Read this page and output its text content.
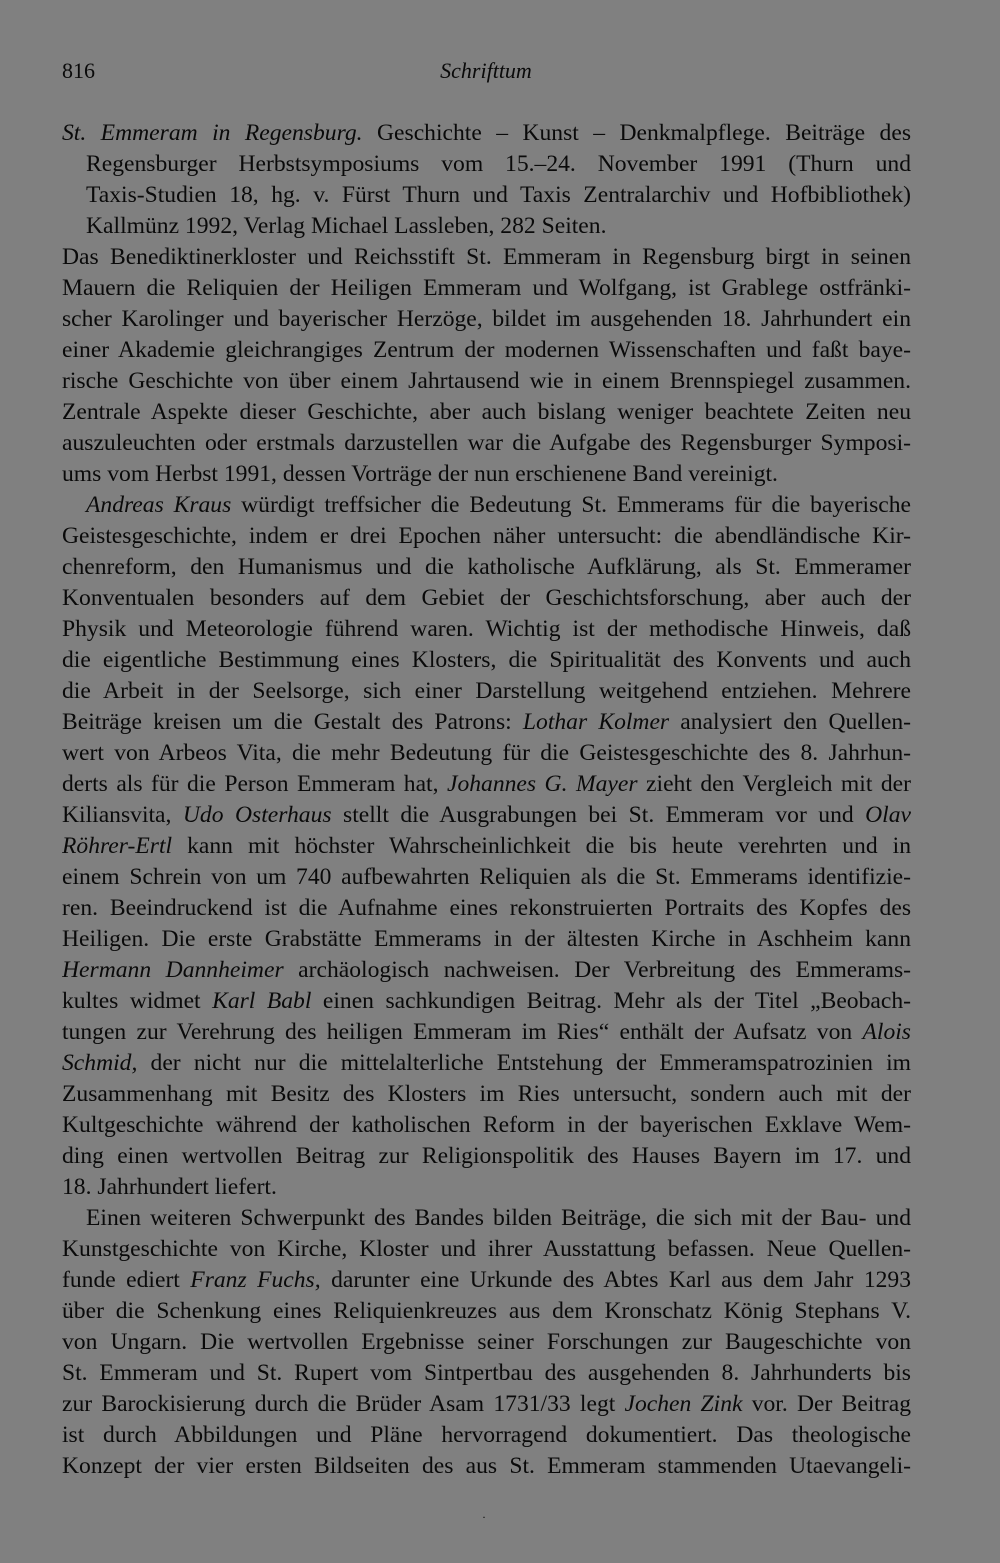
816	Schrifttum
St. Emmeram in Regensburg. Geschichte – Kunst – Denkmalpflege. Beiträge des
Regensburger Herbstsymposiums vom 15.–24. November 1991 (Thurn und
Taxis-Studien 18, hg. v. Fürst Thurn und Taxis Zentralarchiv und Hofbibliothek)
Kallmünz 1992, Verlag Michael Lassleben, 282 Seiten.
Das Benediktinerkloster und Reichsstift St. Emmeram in Regensburg birgt in seinen
Mauern die Reliquien der Heiligen Emmeram und Wolfgang, ist Grablege ostfränki-
scher Karolinger und bayerischer Herzöge, bildet im ausgehenden 18. Jahrhundert ein
einer Akademie gleichrangiges Zentrum der modernen Wissenschaften und faßt baye-
rische Geschichte von über einem Jahrtausend wie in einem Brennspiegel zusammen.
Zentrale Aspekte dieser Geschichte, aber auch bislang weniger beachtete Zeiten neu
auszuleuchten oder erstmals darzustellen war die Aufgabe des Regensburger Symposi-
ums vom Herbst 1991, dessen Vorträge der nun erschienene Band vereinigt.
Andreas Kraus würdigt treffsicher die Bedeutung St. Emmerams für die bayerische
Geistesgeschichte, indem er drei Epochen näher untersucht: die abendländische Kir-
chenreform, den Humanismus und die katholische Aufklärung, als St. Emmeramer
Konventualen besonders auf dem Gebiet der Geschichtsforschung, aber auch der
Physik und Meteorologie führend waren. Wichtig ist der methodische Hinweis, daß
die eigentliche Bestimmung eines Klosters, die Spiritualität des Konvents und auch
die Arbeit in der Seelsorge, sich einer Darstellung weitgehend entziehen. Mehrere
Beiträge kreisen um die Gestalt des Patrons: Lothar Kolmer analysiert den Quellen-
wert von Arbeos Vita, die mehr Bedeutung für die Geistesgeschichte des 8. Jahrhun-
derts als für die Person Emmeram hat, Johannes G. Mayer zieht den Vergleich mit der
Kiliansvita, Udo Osterhaus stellt die Ausgrabungen bei St. Emmeram vor und Olav
Röhrer-Ertl kann mit höchster Wahrscheinlichkeit die bis heute verehrten und in
einem Schrein von um 740 aufbewahrten Reliquien als die St. Emmerams identifizie-
ren. Beeindruckend ist die Aufnahme eines rekonstruierten Portraits des Kopfes des
Heiligen. Die erste Grabstätte Emmerams in der ältesten Kirche in Aschheim kann
Hermann Dannheimer archäologisch nachweisen. Der Verbreitung des Emmerams-
kultes widmet Karl Babl einen sachkundigen Beitrag. Mehr als der Titel „Beobach-
tungen zur Verehrung des heiligen Emmeram im Ries“ enthält der Aufsatz von Alois
Schmid, der nicht nur die mittelalterliche Entstehung der Emmeramspatrozinien im
Zusammenhang mit Besitz des Klosters im Ries untersucht, sondern auch mit der
Kultgeschichte während der katholischen Reform in der bayerischen Exklave Wem-
ding einen wertvollen Beitrag zur Religionspolitik des Hauses Bayern im 17. und
18. Jahrhundert liefert.
Einen weiteren Schwerpunkt des Bandes bilden Beiträge, die sich mit der Bau- und
Kunstgeschichte von Kirche, Kloster und ihrer Ausstattung befassen. Neue Quellen-
funde ediert Franz Fuchs, darunter eine Urkunde des Abtes Karl aus dem Jahr 1293
über die Schenkung eines Reliquienkreuzes aus dem Kronschatz König Stephans V.
von Ungarn. Die wertvollen Ergebnisse seiner Forschungen zur Baugeschichte von
St. Emmeram und St. Rupert vom Sintpertbau des ausgehenden 8. Jahrhunderts bis
zur Barockisierung durch die Brüder Asam 1731/33 legt Jochen Zink vor. Der Beitrag
ist durch Abbildungen und Pläne hervorragend dokumentiert. Das theologische
Konzept der vier ersten Bildseiten des aus St. Emmeram stammenden Utaevangeli-
·
